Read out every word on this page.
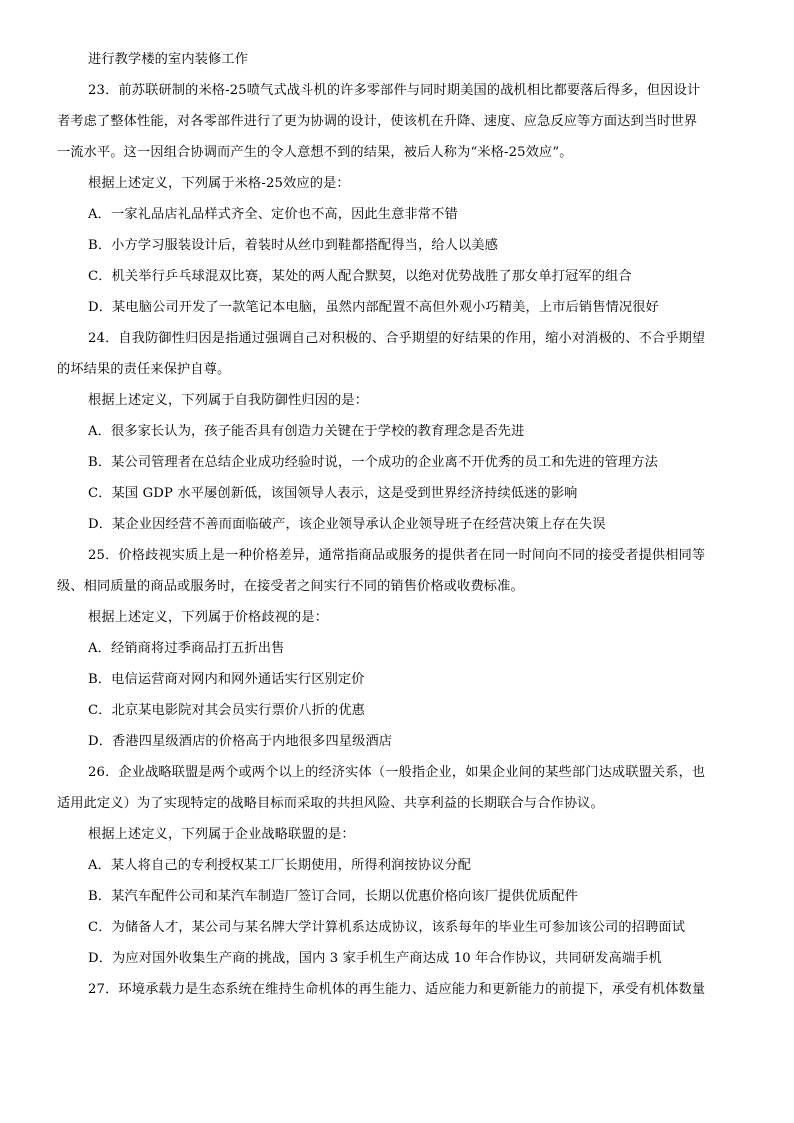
进行教学楼的室内装修工作
23．前苏联研制的米格-25喷气式战斗机的许多零部件与同时期美国的战机相比都要落后得多，但因设计
者考虑了整体性能，对各零部件进行了更为协调的设计，使该机在升降、速度、应急反应等方面达到当时世界
一流水平。这一因组合协调而产生的令人意想不到的结果，被后人称为“米格-25效应”。
根据上述定义，下列属于米格-25效应的是：
A．一家礼品店礼品样式齐全、定价也不高，因此生意非常不错
B．小方学习服装设计后，着装时从丝巾到鞋都搭配得当，给人以美感
C．机关举行乒乓球混双比赛，某处的两人配合默契，以绝对优势战胜了那女单打冠军的组合
D．某电脑公司开发了一款笔记本电脑，虽然内部配置不高但外观小巧精美，上市后销售情况很好
24．自我防御性归因是指通过强调自己对积极的、合乎期望的好结果的作用，缩小对消极的、不合乎期望
的坏结果的责任来保护自尊。
根据上述定义，下列属于自我防御性归因的是：
A．很多家长认为，孩子能否具有创造力关键在于学校的教育理念是否先进
B．某公司管理者在总结企业成功经验时说，一个成功的企业离不开优秀的员工和先进的管理方法
C．某国 GDP 水平屡创新低，该国领导人表示，这是受到世界经济持续低迷的影响
D．某企业因经营不善而面临破产，该企业领导承认企业领导班子在经营决策上存在失误
25．价格歧视实质上是一种价格差异，通常指商品或服务的提供者在同一时间向不同的接受者提供相同等
级、相同质量的商品或服务时，在接受者之间实行不同的销售价格或收费标准。
根据上述定义，下列属于价格歧视的是：
A．经销商将过季商品打五折出售
B．电信运营商对网内和网外通话实行区别定价
C．北京某电影院对其会员实行票价八折的优惠
D．香港四星级酒店的价格高于内地很多四星级酒店
26．企业战略联盟是两个或两个以上的经济实体（一般指企业，如果企业间的某些部门达成联盟关系，也
适用此定义）为了实现特定的战略目标而采取的共担风险、共享利益的长期联合与合作协议。
根据上述定义，下列属于企业战略联盟的是：
A．某人将自己的专利授权某工厂长期使用，所得利润按协议分配
B．某汽车配件公司和某汽车制造厂签订合同，长期以优惠价格向该厂提供优质配件
C．为储备人才，某公司与某名牌大学计算机系达成协议，该系每年的毕业生可参加该公司的招聘面试
D．为应对国外收集生产商的挑战，国内 3 家手机生产商达成 10 年合作协议，共同研发高端手机
27．环境承载力是生态系统在维持生命机体的再生能力、适应能力和更新能力的前提下，承受有机体数量
